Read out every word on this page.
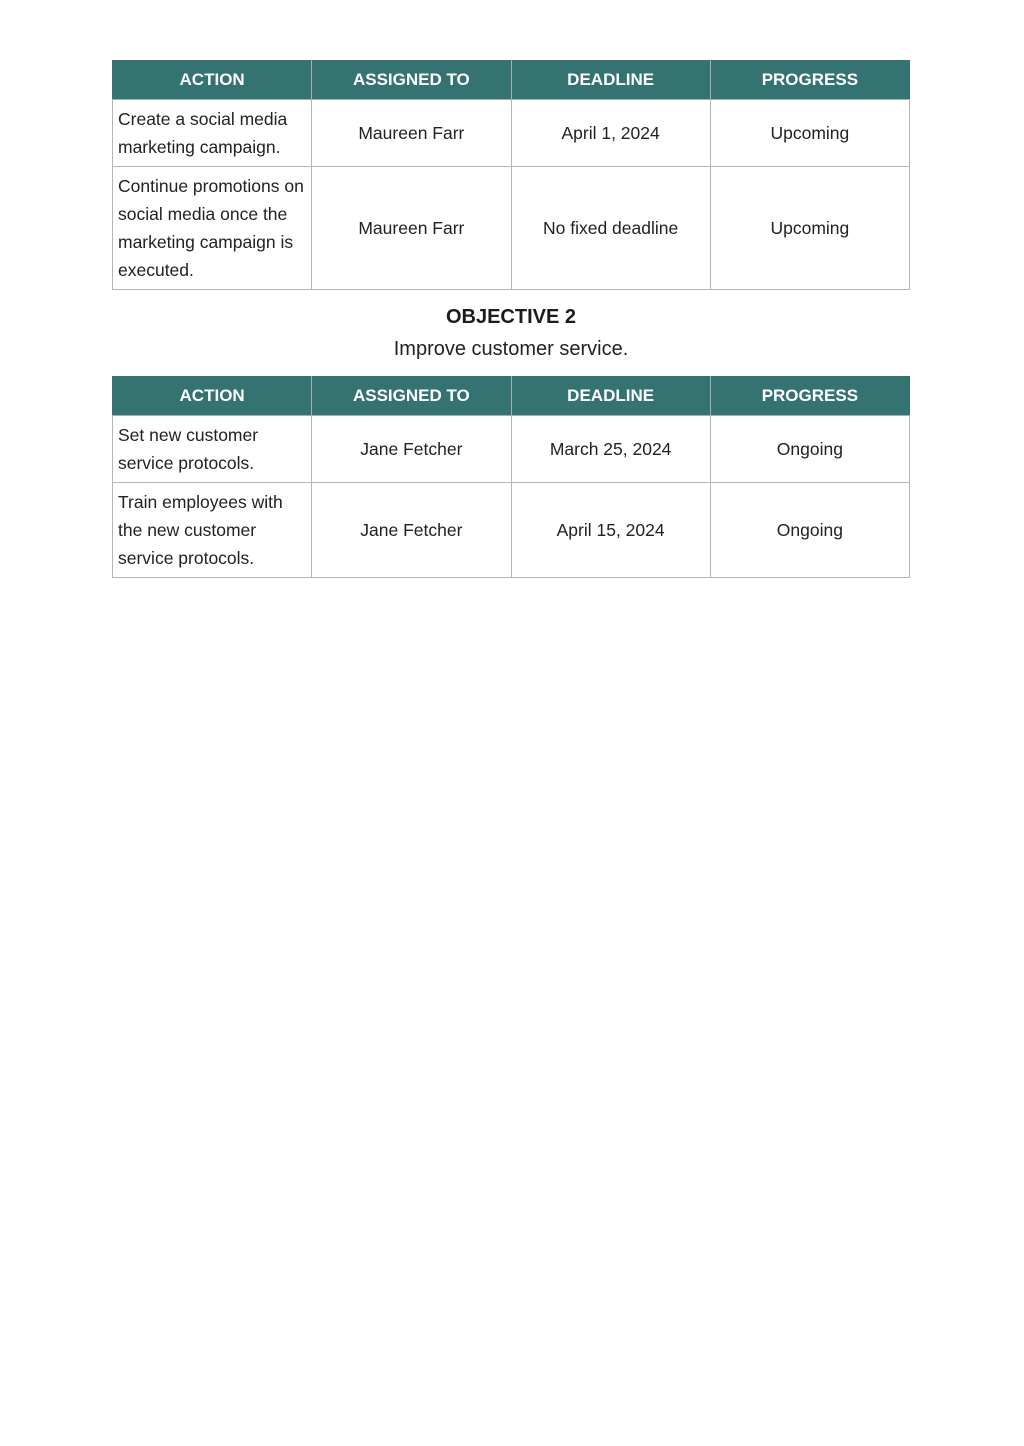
ACTION	ASSIGNED TO	DEADLINE	PROGRESS
Create a social media marketing campaign.	Maureen Farr	April 1, 2024	Upcoming
Continue promotions on social media once the marketing campaign is executed.	Maureen Farr	No fixed deadline	Upcoming
OBJECTIVE 2
Improve customer service.
ACTION	ASSIGNED TO	DEADLINE	PROGRESS
Set new customer service protocols.	Jane Fetcher	March 25, 2024	Ongoing
Train employees with the new customer service protocols.	Jane Fetcher	April 15, 2024	Ongoing
